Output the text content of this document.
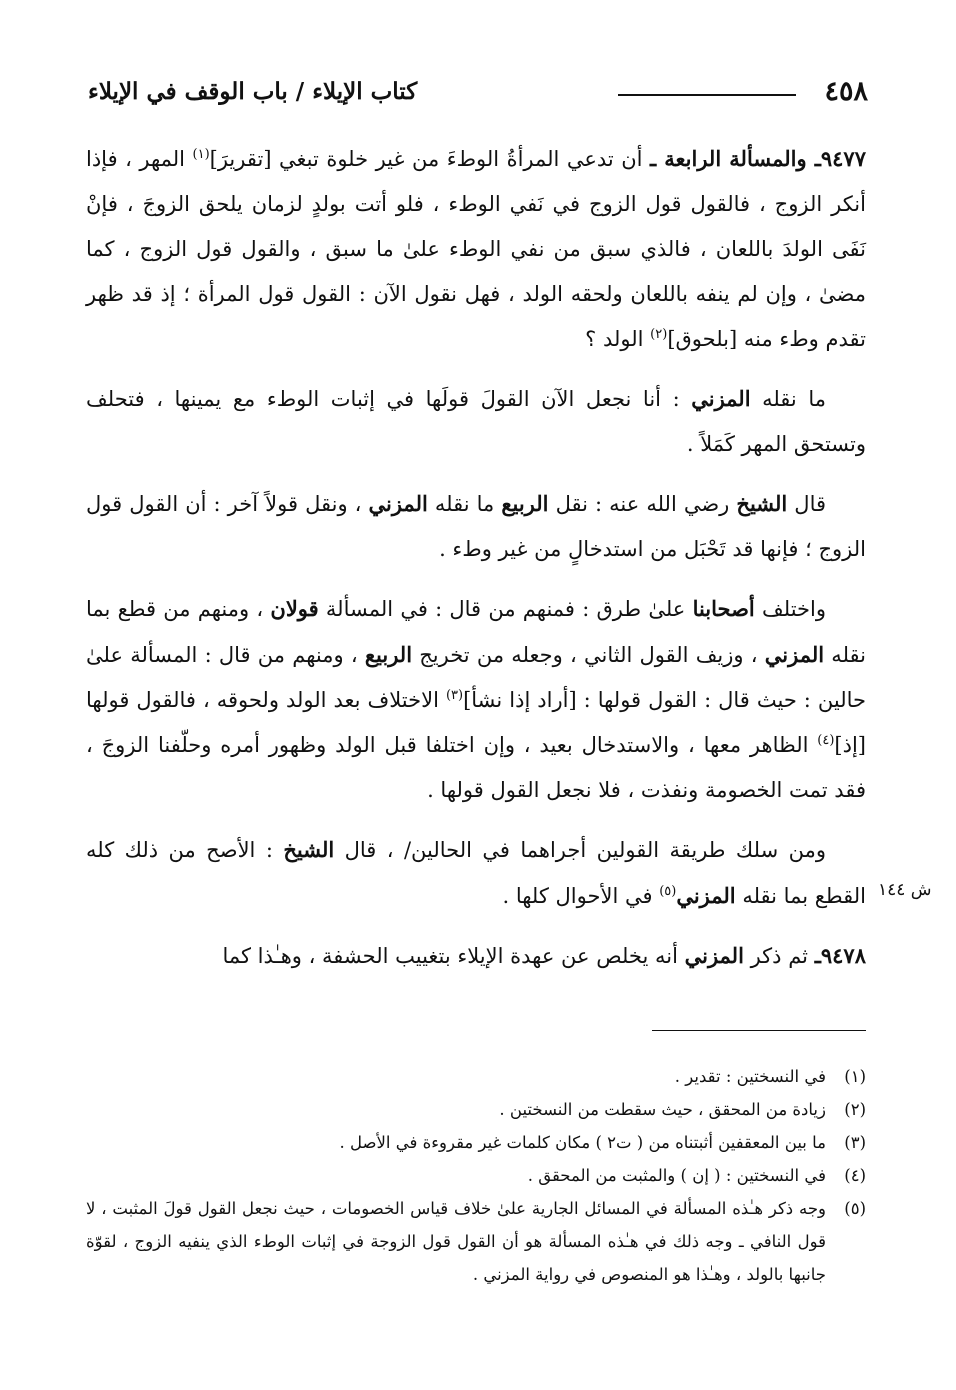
٤٥٨
كتاب الإيلاء / باب الوقف في الإيلاء
ش ١٤٤

٩٤٧٧ـ والمسألة الرابعة ـ أن تدعي المرأةُ الوطءَ من غير خلوة تبغي [تقريرَ]$^{(١)}$ المهر ، فإذا أنكر الزوج ، فالقول قول الزوج في نَفي الوطء ، فلو أتت بولدٍ لزمان يلحق الزوجَ ، فإنْ نَفَى الولدَ باللعان ، فالذي سبق من نفي الوطء علىٰ ما سبق ، والقول قول الزوج ، كما مضىٰ ، وإن لم ينفه باللعان ولحقه الولد ، فهل نقول الآن : القول قول المرأة ؛ إذ قد ظهر تقدم وطء منه [بلحوق]$^{(٢)}$ الولد ؟

ما نقله المزني : أنا نجعل الآن القولَ قولَها في إثبات الوطء مع يمينها ، فتحلف وتستحق المهر كَمَلاً .

قال الشيخ رضي الله عنه : نقل الربيع ما نقله المزني ، ونقل قولاً آخر : أن القول قول الزوج ؛ فإنها قد تَحْبَل من استدخالٍ من غير وطء .

واختلف أصحابنا علىٰ طرق : فمنهم من قال : في المسألة قولان ، ومنهم من قطع بما نقله المزني ، وزيف القول الثاني ، وجعله من تخريج الربيع ، ومنهم من قال : المسألة علىٰ حالين : حيث قال : القول قولها : [أراد إذا نشأ]$^{(٣)}$ الاختلاف بعد الولد ولحوقه ، فالقول قولها [إذ]$^{(٤)}$ الظاهر معها ، والاستدخال بعيد ، وإن اختلفا قبل الولد وظهور أمره وحلّفنا الزوجَ ، فقد تمت الخصومة ونفذت ، فلا نجعل القول قولها .

ومن سلك طريقة القولين أجراهما في الحالين/ ، قال الشيخ : الأصح من ذلك كله القطع بما نقله المزني$^{(٥)}$ في الأحوال كلها .

٩٤٧٨ـ ثم ذكر المزني أنه يخلص عن عهدة الإيلاء بتغييب الحشفة ، وهـٰذا كما

(١)
في النسختين : تقدير .

(٢)
زيادة من المحقق ، حيث سقطت من النسختين .

(٣)
ما بين المعقفين أثبتناه من ( ت٢ ) مكان كلمات غير مقروءة في الأصل .

(٤)
في النسختين : ( إن ) والمثبت من المحقق .

(٥)
وجه ذكر هـٰذه المسألة في المسائل الجارية علىٰ خلاف قياس الخصومات ، حيث نجعل القول قولَ المثبت ، لا قول النافي ـ وجه ذلك في هـٰذه المسألة هو أن القول قول الزوجة في إثبات الوطء الذي ينفيه الزوج ، لقوّة جانبها بالولد ، وهـٰذا هو المنصوص في رواية المزني .
